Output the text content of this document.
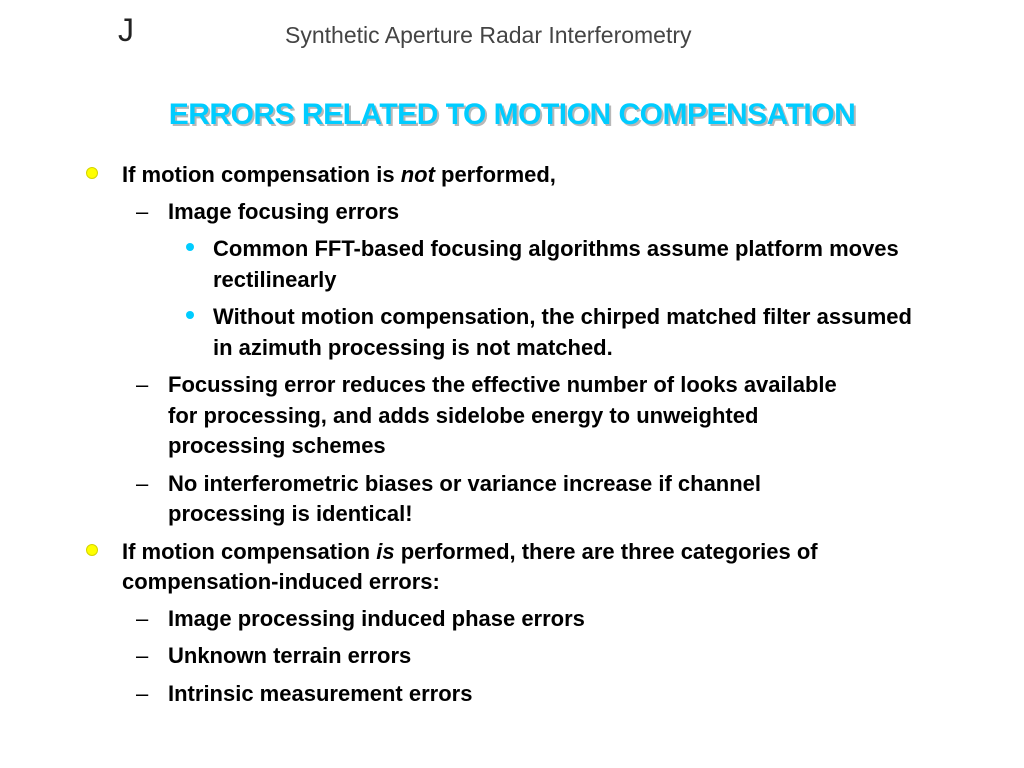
J	Synthetic Aperture Radar Interferometry
ERRORS RELATED TO MOTION COMPENSATION
If motion compensation is not performed,
– Image focusing errors
Common FFT-based focusing algorithms assume platform moves rectilinearly
Without motion compensation, the chirped matched filter assumed in azimuth processing is not matched.
– Focussing error reduces the effective number of looks available for processing, and adds sidelobe energy to unweighted processing schemes
– No interferometric biases or variance increase if channel processing is identical!
If motion compensation is performed, there are three categories of compensation-induced errors:
– Image processing induced phase errors
– Unknown terrain errors
– Intrinsic measurement errors
